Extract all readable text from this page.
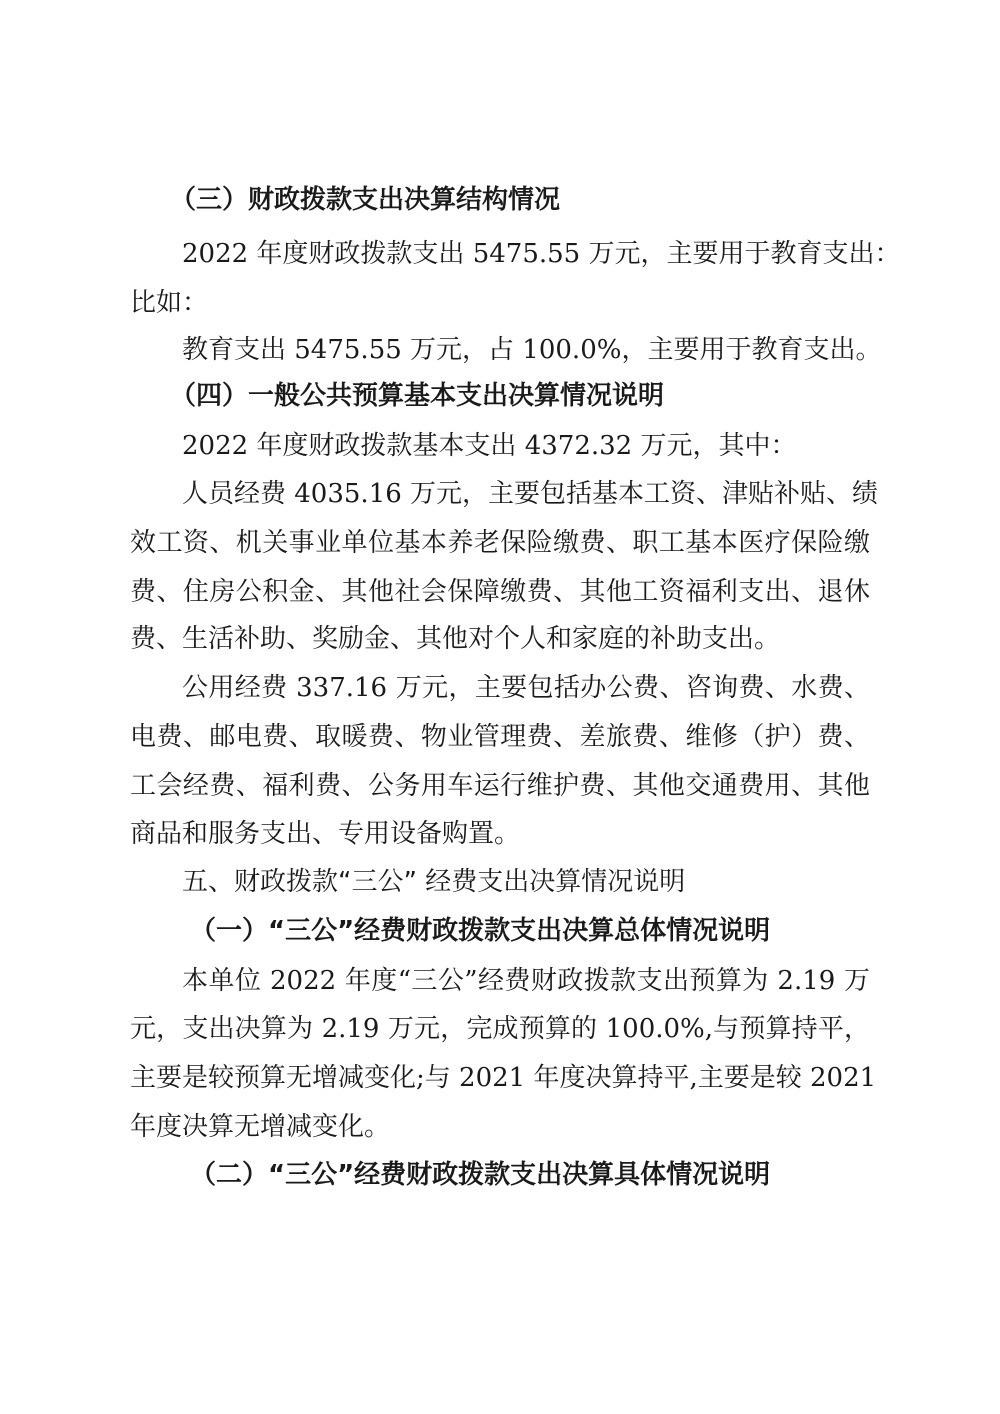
（三）财政拨款支出决算结构情况
2022 年度财政拨款支出 5475.55 万元，主要用于教育支出：
比如：
教育支出 5475.55 万元，占 100.0%，主要用于教育支出。
（四）一般公共预算基本支出决算情况说明
2022 年度财政拨款基本支出 4372.32 万元，其中：
人员经费 4035.16 万元，主要包括基本工资、津贴补贴、绩
效工资、机关事业单位基本养老保险缴费、职工基本医疗保险缴
费、住房公积金、其他社会保障缴费、其他工资福利支出、退休
费、生活补助、奖励金、其他对个人和家庭的补助支出。
公用经费 337.16 万元，主要包括办公费、咨询费、水费、
电费、邮电费、取暖费、物业管理费、差旅费、维修（护）费、
工会经费、福利费、公务用车运行维护费、其他交通费用、其他
商品和服务支出、专用设备购置。
五、财政拨款“三公” 经费支出决算情况说明
（一）“三公”经费财政拨款支出决算总体情况说明
本单位 2022 年度“三公”经费财政拨款支出预算为 2.19 万
元，支出决算为 2.19 万元，完成预算的 100.0%,与预算持平，
主要是较预算无增减变化;与 2021 年度决算持平,主要是较 2021
年度决算无增减变化。
（二）“三公”经费财政拨款支出决算具体情况说明
